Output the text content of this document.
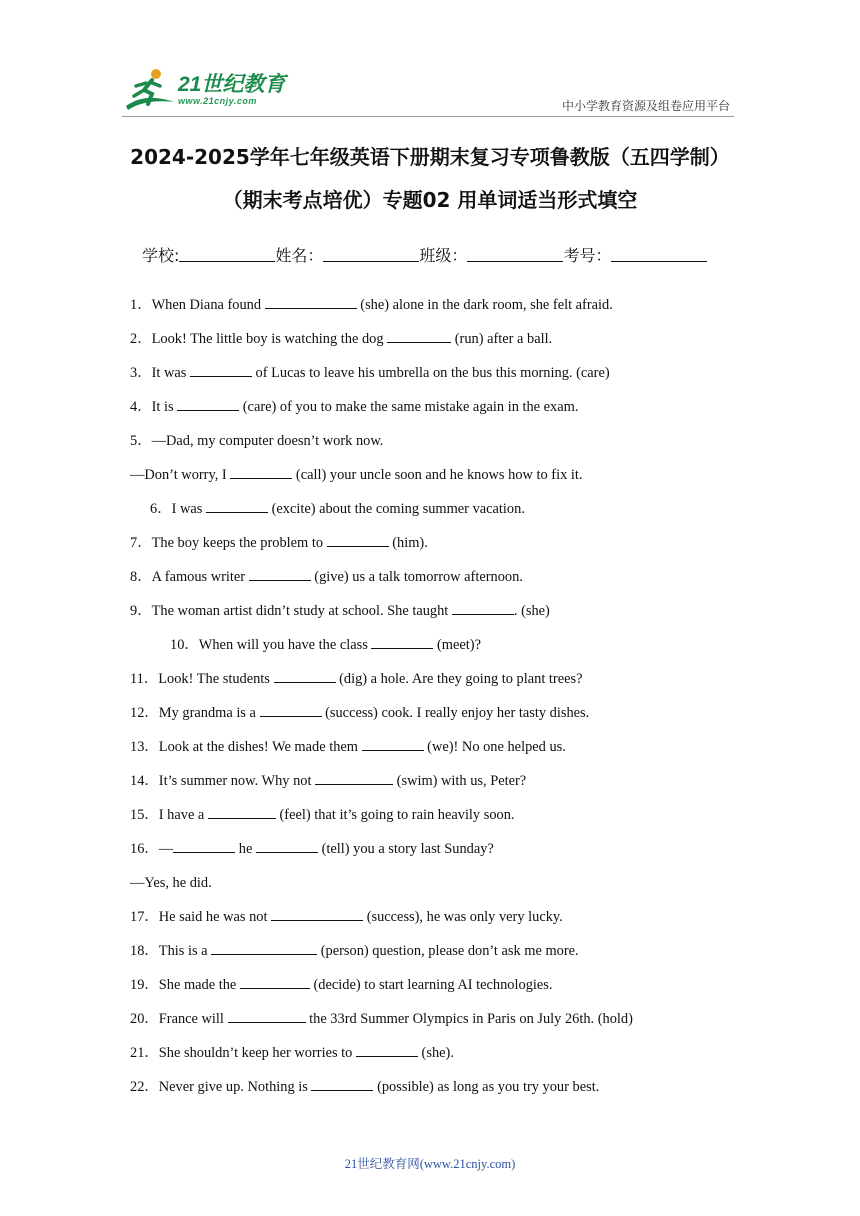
21世纪教育
www.21cnjy.com	中小学教育资源及组卷应用平台
2024-2025学年七年级英语下册期末复习专项鲁教版（五四学制）
（期末考点培优）专题02 用单词适当形式填空
学校:	姓名：	班级：	考号：
1．When Diana found	(she) alone in the dark room, she felt afraid.
2．Look! The little boy is watching the dog	(run) after a ball.
3．It was	of Lucas to leave his umbrella on the bus this morning. (care)
4．It is	(care) of you to make the same mistake again in the exam.
5．—Dad, my computer doesn’t work now.
—Don’t worry, I	(call) your uncle soon and he knows how to fix it.
6．I was	(excite) about the coming summer vacation.
7．The boy keeps the problem to	(him).
8．A famous writer	(give) us a talk tomorrow afternoon.
9．The woman artist didn’t study at school. She taught	. (she)
10．When will you have the class	(meet)?
11．Look! The students	(dig) a hole. Are they going to plant trees?
12．My grandma is a	(success) cook. I really enjoy her tasty dishes.
13．Look at the dishes! We made them	(we)! No one helped us.
14．It’s summer now. Why not	(swim) with us, Peter?
15．I have a	(feel) that it’s going to rain heavily soon.
16．—	he	(tell) you a story last Sunday?
—Yes, he did.
17．He said he was not	(success), he was only very lucky.
18．This is a	(person) question, please don’t ask me more.
19．She made the	(decide) to start learning AI technologies.
20．France will	the 33rd Summer Olympics in Paris on July 26th. (hold)
21．She shouldn’t keep her worries to	(she).
22．Never give up. Nothing is	(possible) as long as you try your best.
21世纪教育网(www.21cnjy.com)
